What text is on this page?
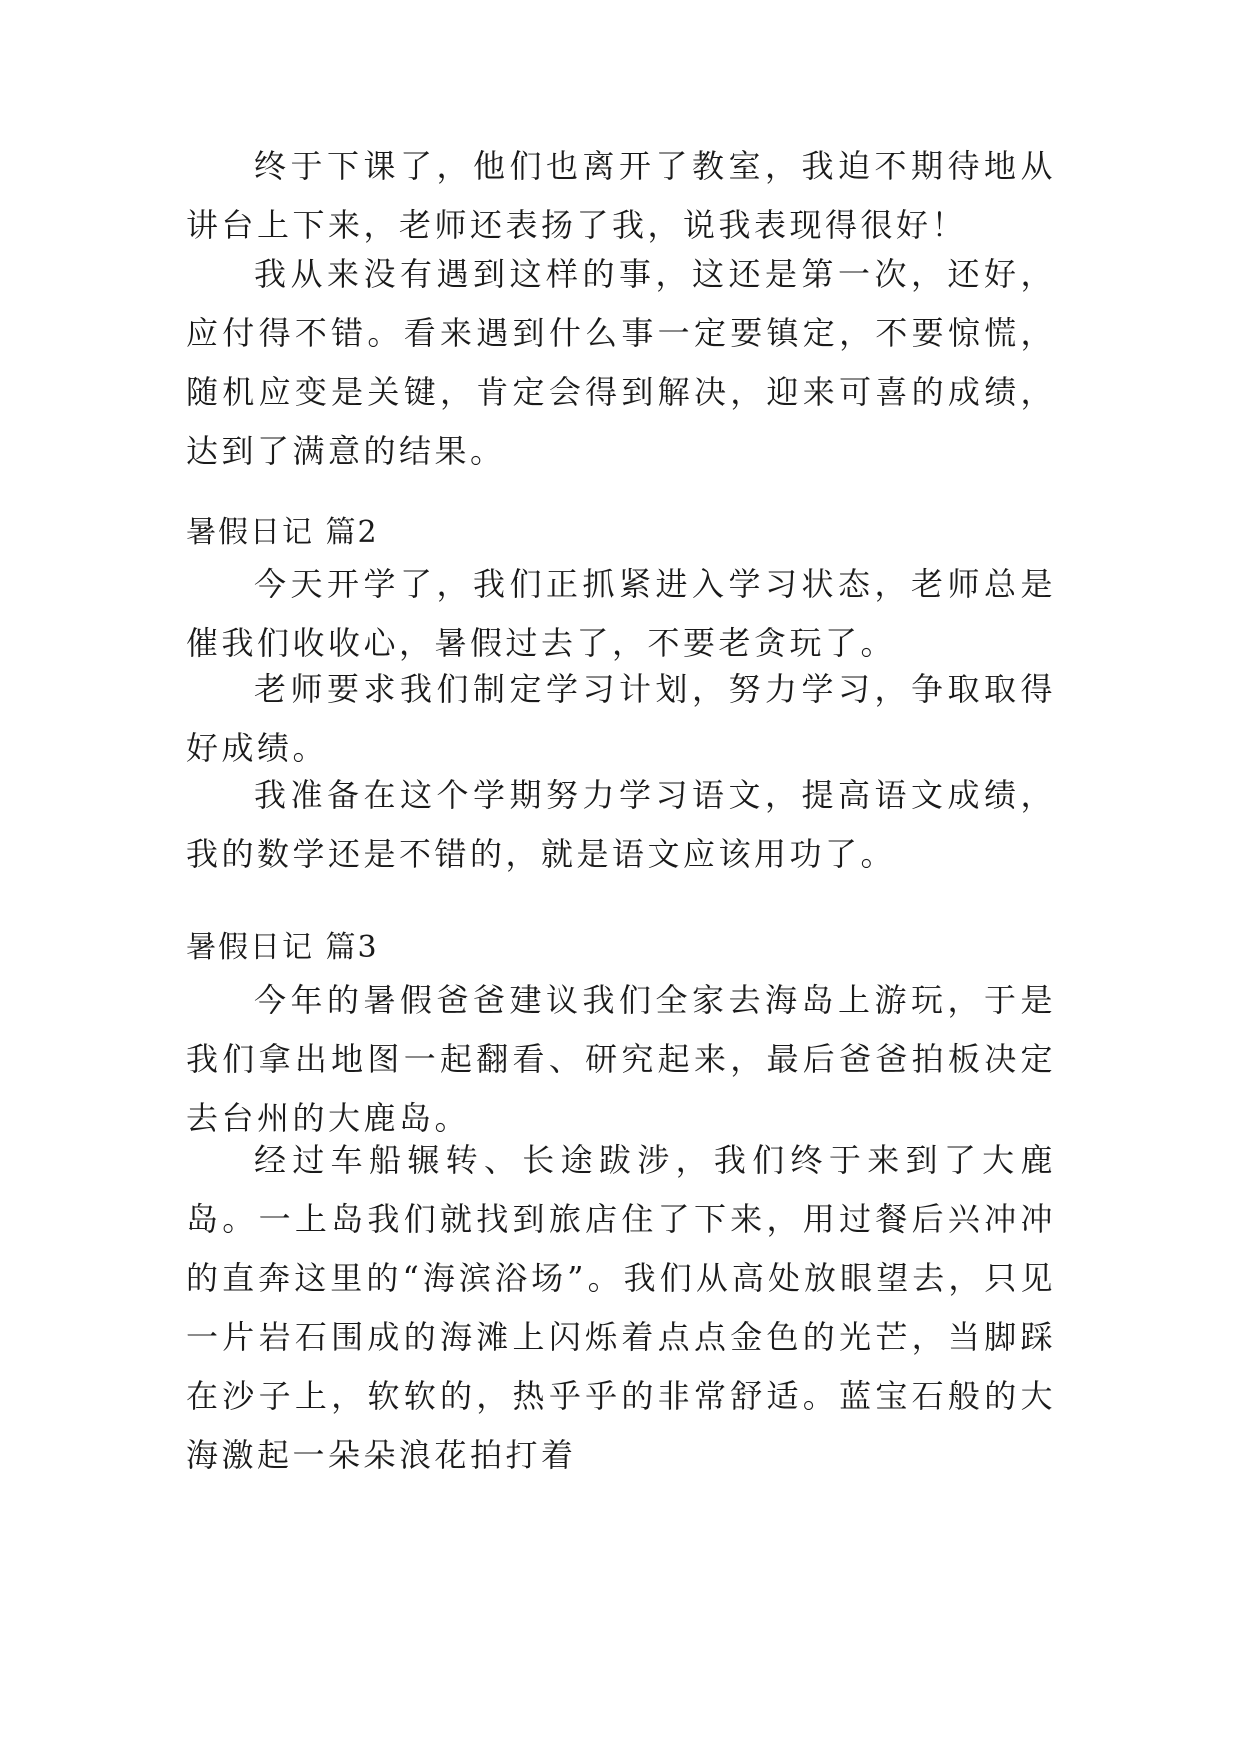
终于下课了，他们也离开了教室，我迫不期待地从讲台上下来，老师还表扬了我，说我表现得很好！

我从来没有遇到这样的事，这还是第一次，还好，应付得不错。看来遇到什么事一定要镇定，不要惊慌，随机应变是关键，肯定会得到解决，迎来可喜的成绩，达到了满意的结果。

暑假日记 篇2

今天开学了，我们正抓紧进入学习状态，老师总是催我们收收心，暑假过去了，不要老贪玩了。

老师要求我们制定学习计划，努力学习，争取取得好成绩。

我准备在这个学期努力学习语文，提高语文成绩，我的数学还是不错的，就是语文应该用功了。

暑假日记 篇3

今年的暑假爸爸建议我们全家去海岛上游玩，于是我们拿出地图一起翻看、研究起来，最后爸爸拍板决定去台州的大鹿岛。

经过车船辗转、长途跋涉，我们终于来到了大鹿岛。一上岛我们就找到旅店住了下来，用过餐后兴冲冲的直奔这里的“海滨浴场”。我们从高处放眼望去，只见一片岩石围成的海滩上闪烁着点点金色的光芒，当脚踩在沙子上，软软的，热乎乎的非常舒适。蓝宝石般的大海激起一朵朵浪花拍打着
